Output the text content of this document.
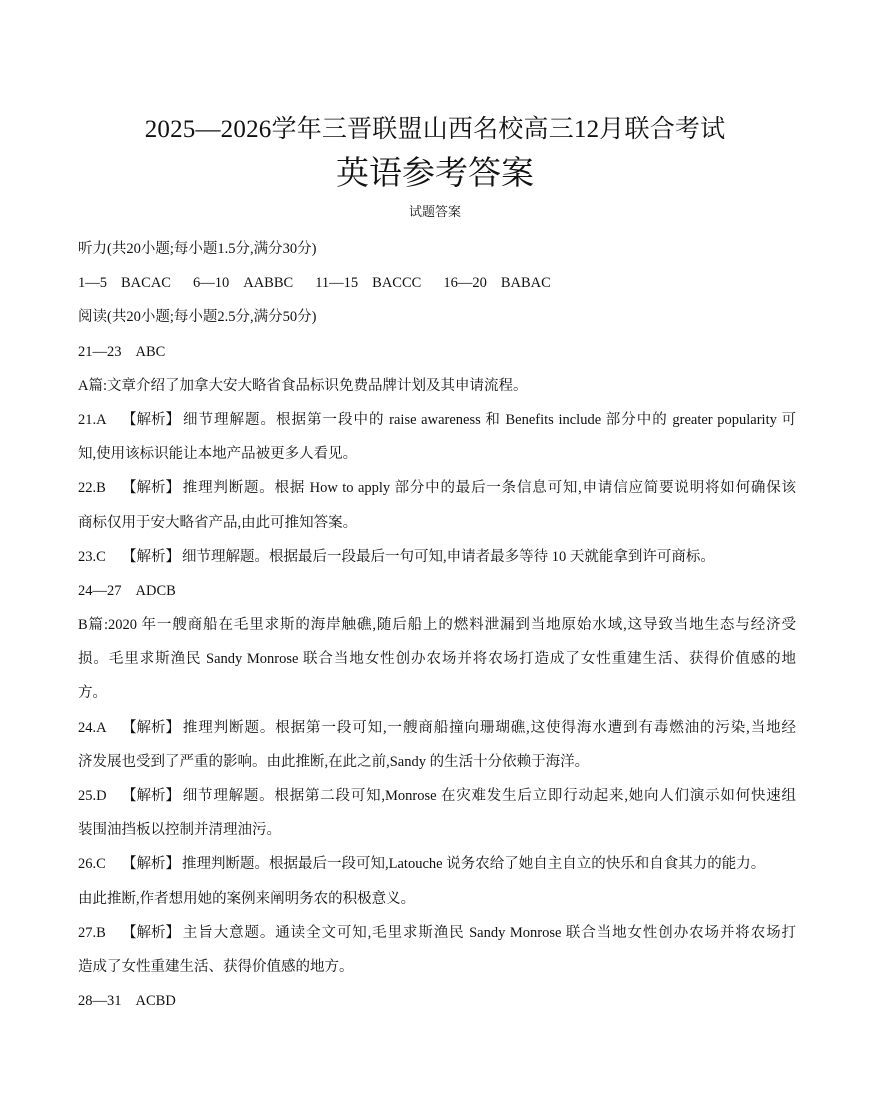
2025—2026学年三晋联盟山西名校高三12月联合考试
英语参考答案
试题答案
听力(共20小题;每小题1.5分,满分30分)
1—5 BACAC 6—10 AABBC 11—15 BACCC 16—20 BABAC
阅读(共20小题;每小题2.5分,满分50分)
21—23 ABC
A篇:文章介绍了加拿大安大略省食品标识免费品牌计划及其申请流程。
21.A 【解析】 细节理解题。根据第一段中的 raise awareness 和 Benefits include 部分中的 greater popularity 可
知,使用该标识能让本地产品被更多人看见。
22.B 【解析】 推理判断题。根据 How to apply 部分中的最后一条信息可知,申请信应简要说明将如何确保该
商标仅用于安大略省产品,由此可推知答案。
23.C 【解析】 细节理解题。根据最后一段最后一句可知,申请者最多等待 10 天就能拿到许可商标。
24—27 ADCB
B篇:2020 年一艘商船在毛里求斯的海岸触礁,随后船上的燃料泄漏到当地原始水域,这导致当地生态与经济受
损。毛里求斯渔民 Sandy Monrose 联合当地女性创办农场并将农场打造成了女性重建生活、获得价值感的地
方。
24.A 【解析】 推理判断题。根据第一段可知,一艘商船撞向珊瑚礁,这使得海水遭到有毒燃油的污染,当地经
济发展也受到了严重的影响。由此推断,在此之前,Sandy 的生活十分依赖于海洋。
25.D 【解析】 细节理解题。根据第二段可知,Monrose 在灾难发生后立即行动起来,她向人们演示如何快速组
装围油挡板以控制并清理油污。
26.C 【解析】 推理判断题。根据最后一段可知,Latouche 说务农给了她自主自立的快乐和自食其力的能力。
由此推断,作者想用她的案例来阐明务农的积极意义。
27.B 【解析】 主旨大意题。通读全文可知,毛里求斯渔民 Sandy Monrose 联合当地女性创办农场并将农场打
造成了女性重建生活、获得价值感的地方。
28—31 ACBD
